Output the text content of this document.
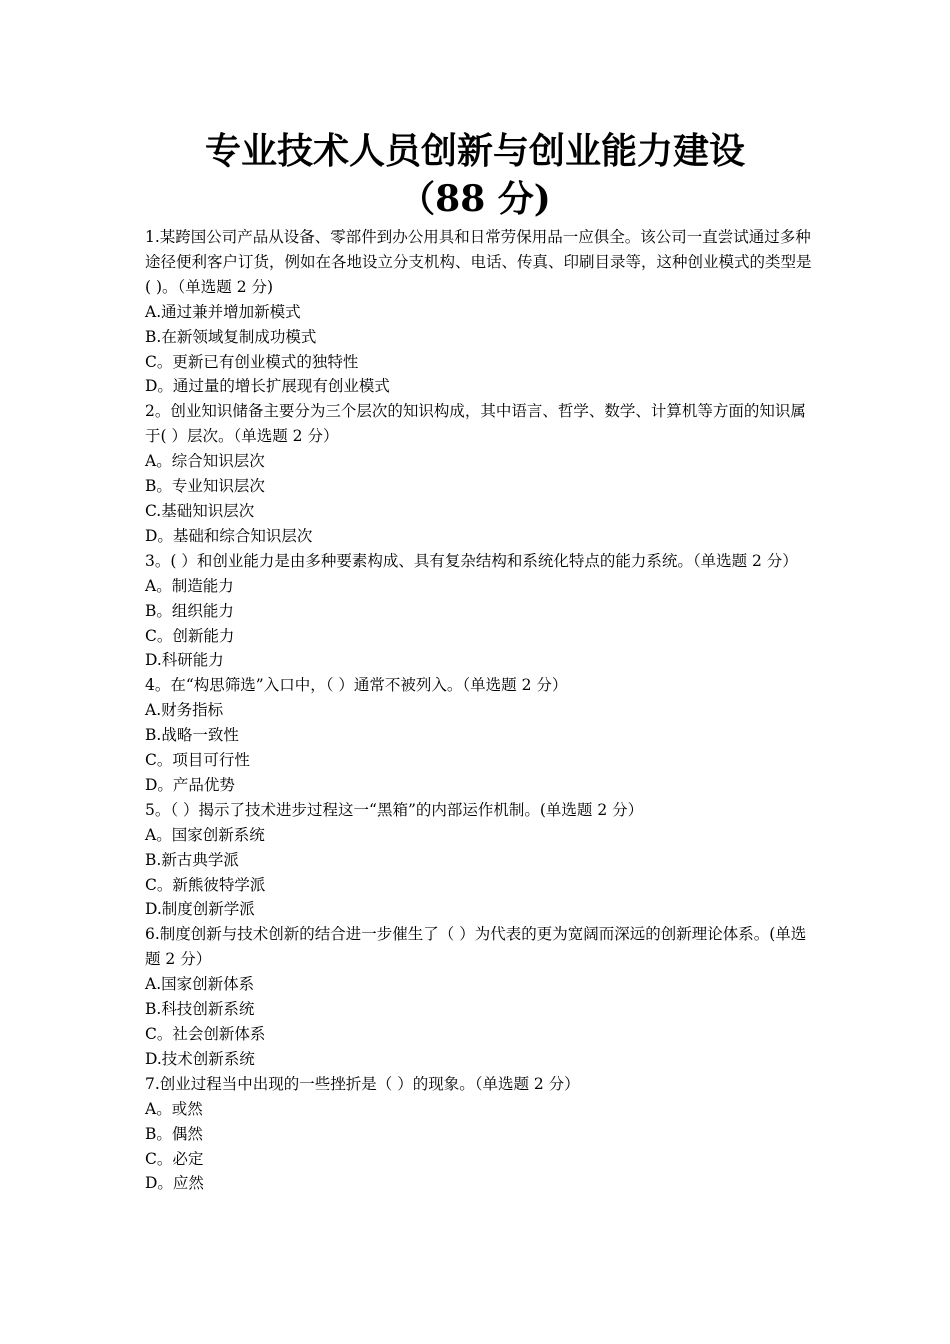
专业技术人员创新与创业能力建设
（88 分)

1.某跨国公司产品从设备、零部件到办公用具和日常劳保用品一应俱全。该公司一直尝试通过多种途径便利客户订货，例如在各地设立分支机构、电话、传真、印刷目录等，这种创业模式的类型是( )。（单选题 2 分)

A.通过兼并增加新模式

B.在新领域复制成功模式

C。更新已有创业模式的独特性

D。通过量的增长扩展现有创业模式

2。创业知识储备主要分为三个层次的知识构成，其中语言、哲学、数学、计算机等方面的知识属于( ）层次。（单选题 2 分）

A。综合知识层次

B。专业知识层次

C.基础知识层次

D。基础和综合知识层次

3。( ）和创业能力是由多种要素构成、具有复杂结构和系统化特点的能力系统。（单选题 2 分）

A。制造能力

B。组织能力

C。创新能力

D.科研能力

4。在“构思筛选”入口中，（ ）通常不被列入。（单选题 2 分）

A.财务指标

B.战略一致性

C。项目可行性

D。产品优势

5。（ ）揭示了技术进步过程这一“黑箱”的内部运作机制。(单选题 2 分）

A。国家创新系统

B.新古典学派

C。新熊彼特学派

D.制度创新学派

6.制度创新与技术创新的结合进一步催生了（ ）为代表的更为宽阔而深远的创新理论体系。(单选题 2 分）

A.国家创新体系

B.科技创新系统

C。社会创新体系

D.技术创新系统

7.创业过程当中出现的一些挫折是（ ）的现象。（单选题 2 分）

A。或然

B。偶然

C。必定

D。应然
